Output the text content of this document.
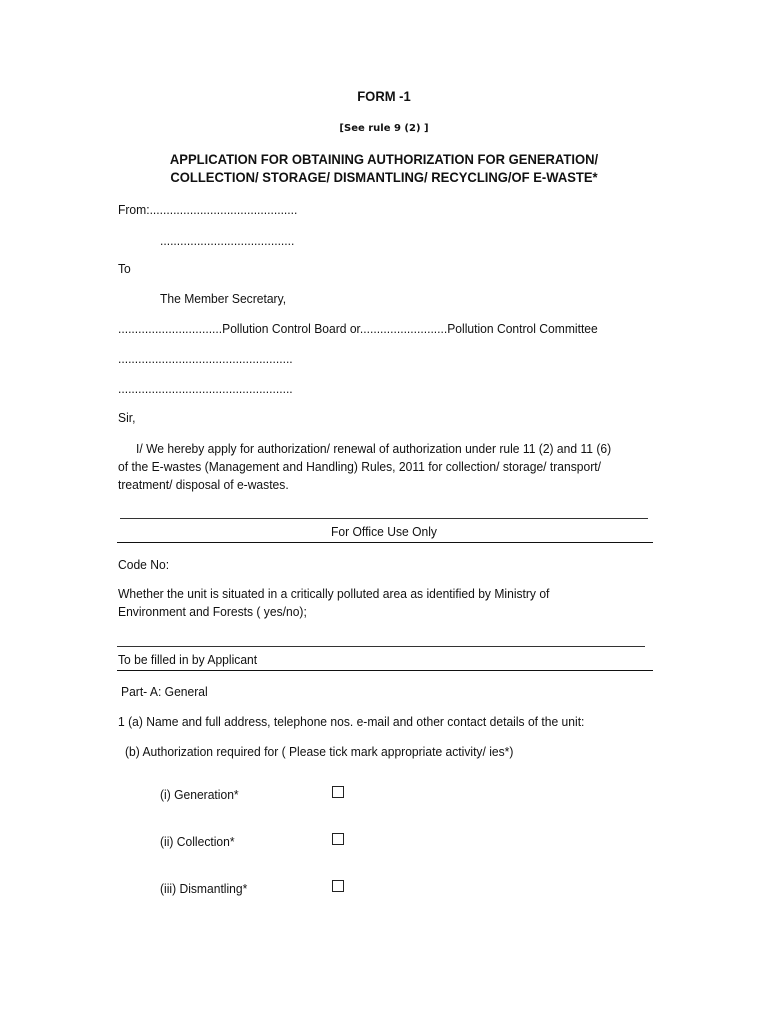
FORM -1
[See rule 9 (2) ]
APPLICATION FOR OBTAINING AUTHORIZATION FOR GENERATION/
COLLECTION/ STORAGE/ DISMANTLING/ RECYCLING/OF E-WASTE*
From:............................................
........................................
To
The Member Secretary,
...............................Pollution Control Board or..........................Pollution Control Committee
....................................................
....................................................
Sir,
I/ We hereby apply for authorization/ renewal of authorization under rule 11 (2) and 11 (6)
of the E-wastes (Management and Handling) Rules, 2011 for collection/ storage/ transport/
treatment/ disposal of e-wastes.
For Office Use Only
Code No:
Whether the unit is situated in a critically polluted area as identified by Ministry of
Environment and Forests ( yes/no);
To be filled in by Applicant
Part- A: General
1 (a) Name and full address, telephone nos. e-mail and other contact details of the unit:
(b) Authorization required for ( Please tick mark appropriate activity/ ies*)
(i) Generation*
(ii) Collection*
(iii) Dismantling*
